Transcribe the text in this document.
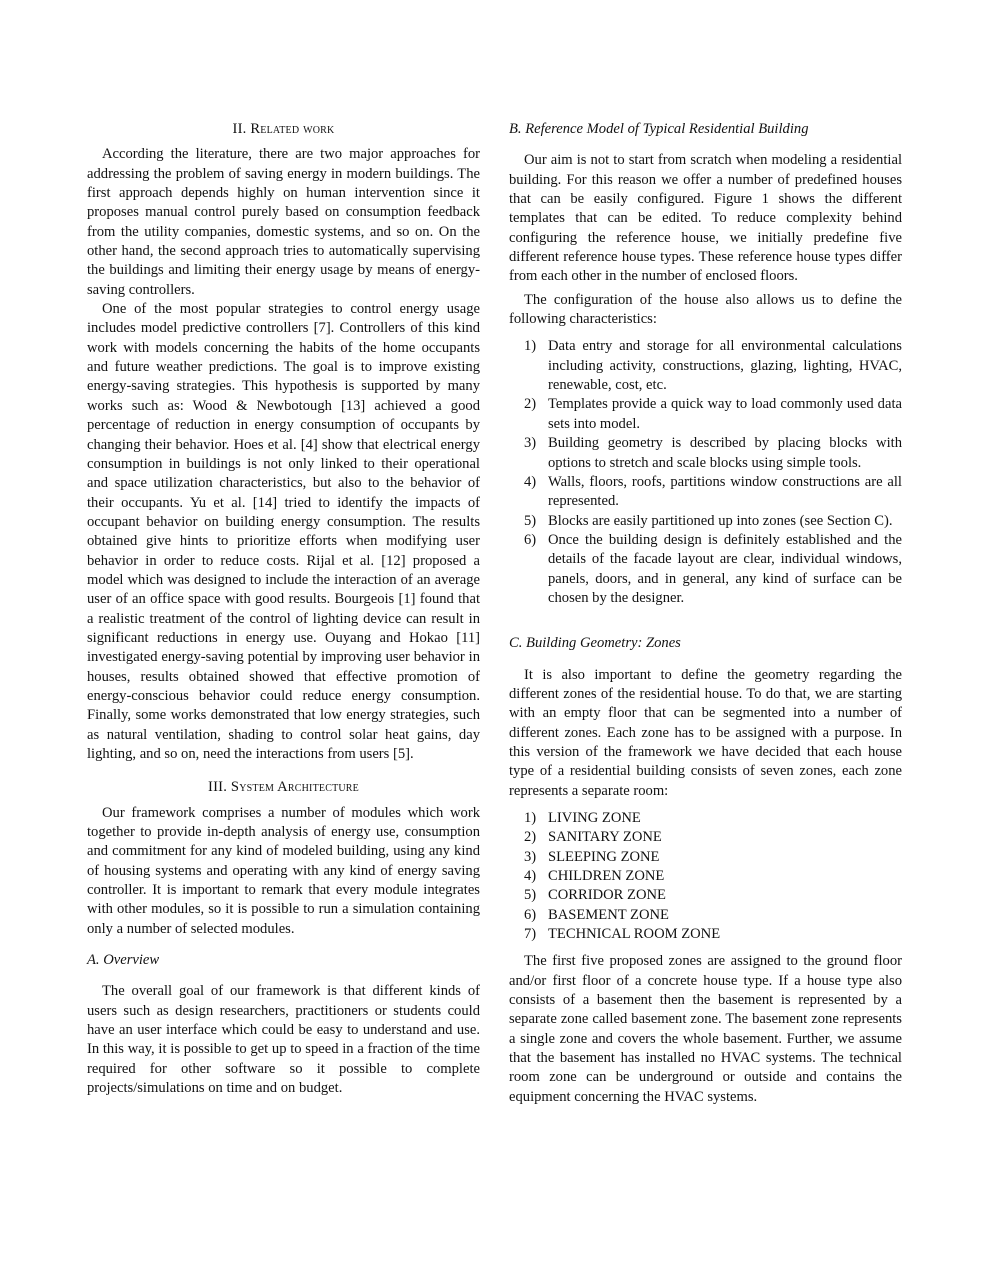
II. Related work

According the literature, there are two major approaches for addressing the problem of saving energy in modern buildings. The first approach depends highly on human intervention since it proposes manual control purely based on consumption feedback from the utility companies, domestic systems, and so on. On the other hand, the second approach tries to automatically supervising the buildings and limiting their energy usage by means of energy-saving controllers.

One of the most popular strategies to control energy usage includes model predictive controllers [7]. Controllers of this kind work with models concerning the habits of the home occupants and future weather predictions. The goal is to improve existing energy-saving strategies. This hypothesis is supported by many works such as: Wood & Newbotough [13] achieved a good percentage of reduction in energy consumption of occupants by changing their behavior. Hoes et al. [4] show that electrical energy consumption in buildings is not only linked to their operational and space utilization characteristics, but also to the behavior of their occupants. Yu et al. [14] tried to identify the impacts of occupant behavior on building energy consumption. The results obtained give hints to prioritize efforts when modifying user behavior in order to reduce costs. Rijal et al. [12] proposed a model which was designed to include the interaction of an average user of an office space with good results. Bourgeois [1] found that a realistic treatment of the control of lighting device can result in significant reductions in energy use. Ouyang and Hokao [11] investigated energy-saving potential by improving user behavior in houses, results obtained showed that effective promotion of energy-conscious behavior could reduce energy consumption. Finally, some works demonstrated that low energy strategies, such as natural ventilation, shading to control solar heat gains, day lighting, and so on, need the interactions from users [5].

III. System Architecture

Our framework comprises a number of modules which work together to provide in-depth analysis of energy use, consumption and commitment for any kind of modeled building, using any kind of housing systems and operating with any kind of energy saving controller. It is important to remark that every module integrates with other modules, so it is possible to run a simulation containing only a number of selected modules.

A. Overview

The overall goal of our framework is that different kinds of users such as design researchers, practitioners or students could have an user interface which could be easy to understand and use. In this way, it is possible to get up to speed in a fraction of the time required for other software so it possible to complete projects/simulations on time and on budget.

B. Reference Model of Typical Residential Building

Our aim is not to start from scratch when modeling a residential building. For this reason we offer a number of predefined houses that can be easily configured. Figure 1 shows the different templates that can be edited. To reduce complexity behind configuring the reference house, we initially predefine five different reference house types. These reference house types differ from each other in the number of enclosed floors.

The configuration of the house also allows us to define the following characteristics:

1) Data entry and storage for all environmental calculations including activity, constructions, glazing, lighting, HVAC, renewable, cost, etc.
2) Templates provide a quick way to load commonly used data sets into model.
3) Building geometry is described by placing blocks with options to stretch and scale blocks using simple tools.
4) Walls, floors, roofs, partitions window constructions are all represented.
5) Blocks are easily partitioned up into zones (see Section C).
6) Once the building design is definitely established and the details of the facade layout are clear, individual windows, panels, doors, and in general, any kind of surface can be chosen by the designer.
C. Building Geometry: Zones

It is also important to define the geometry regarding the different zones of the residential house. To do that, we are starting with an empty floor that can be segmented into a number of different zones. Each zone has to be assigned with a purpose. In this version of the framework we have decided that each house type of a residential building consists of seven zones, each zone represents a separate room:

1) LIVING ZONE
2) SANITARY ZONE
3) SLEEPING ZONE
4) CHILDREN ZONE
5) CORRIDOR ZONE
6) BASEMENT ZONE
7) TECHNICAL ROOM ZONE

The first five proposed zones are assigned to the ground floor and/or first floor of a concrete house type. If a house type also consists of a basement then the basement is represented by a separate zone called basement zone. The basement zone represents a single zone and covers the whole basement. Further, we assume that the basement has installed no HVAC systems. The technical room zone can be underground or outside and contains the equipment concerning the HVAC systems.
